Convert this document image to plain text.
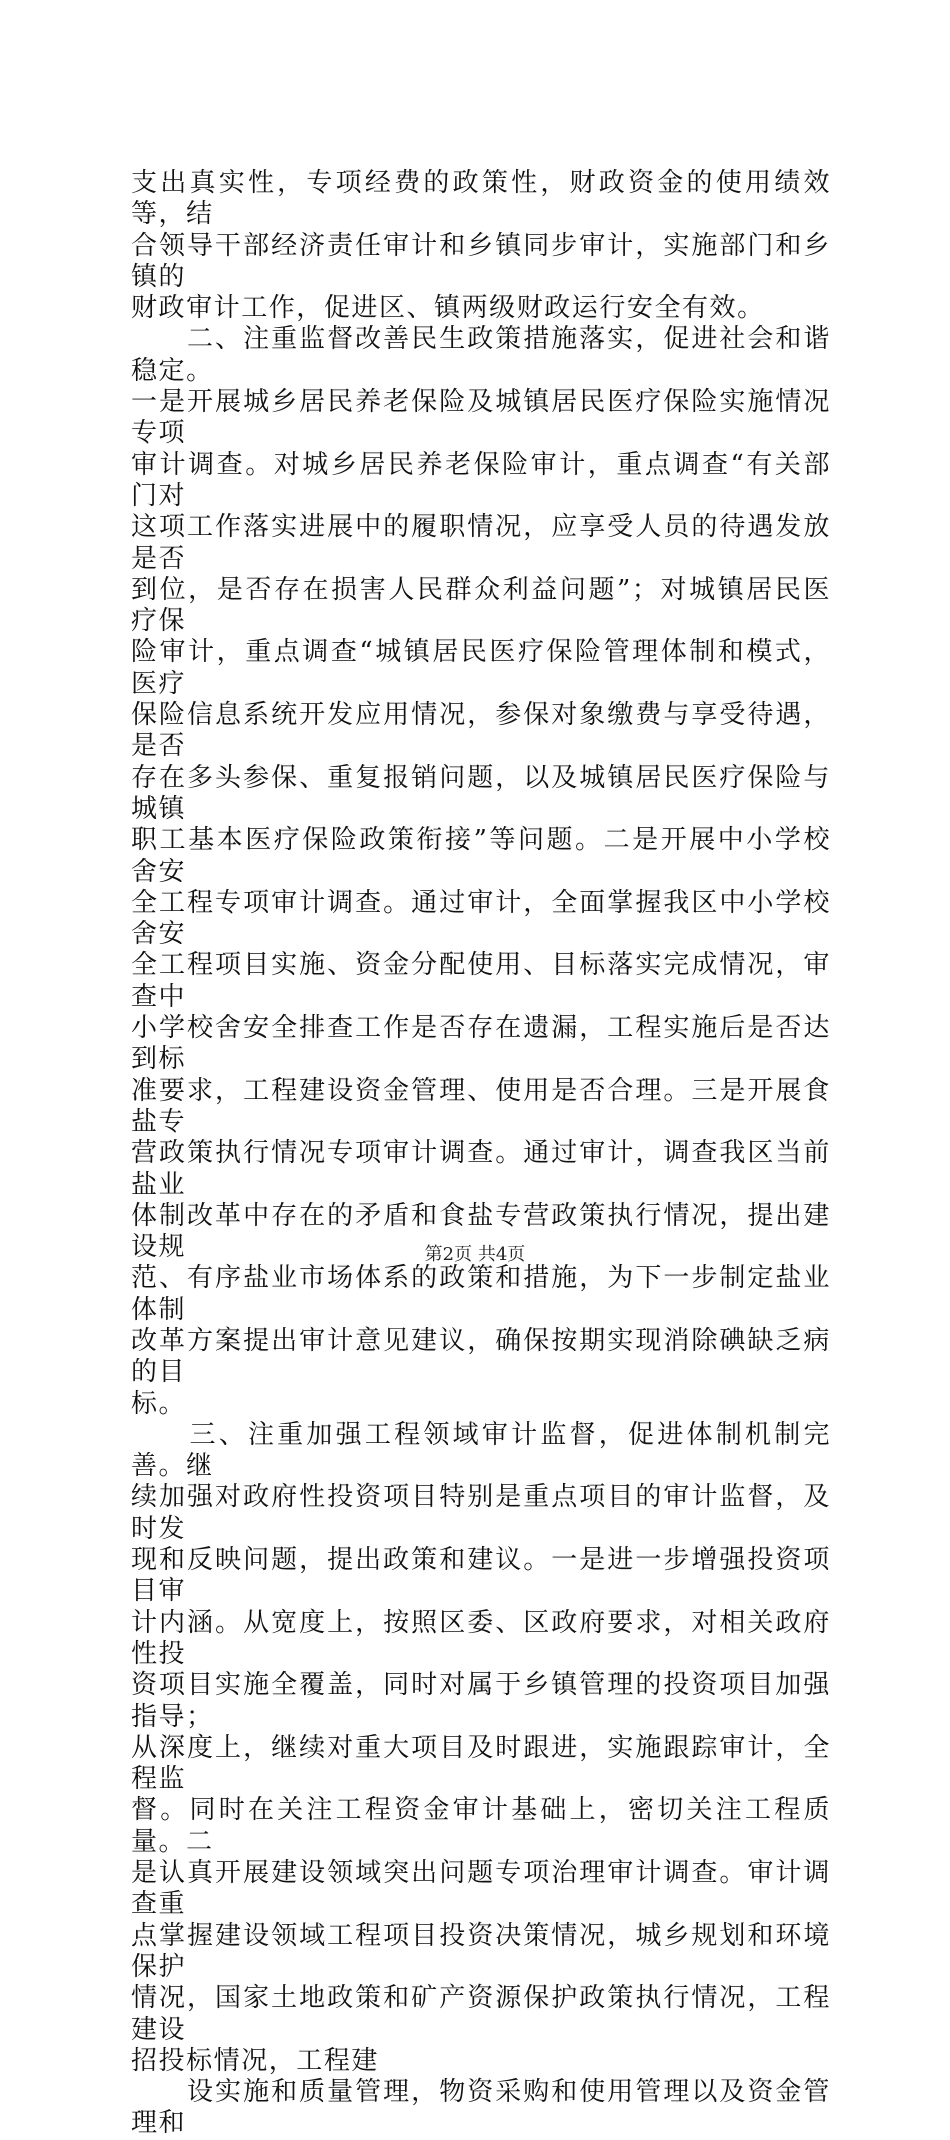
支出真实性，专项经费的政策性，财政资金的使用绩效等，结

合领导干部经济责任审计和乡镇同步审计，实施部门和乡镇的

财政审计工作，促进区、镇两级财政运行安全有效。

　　二、注重监督改善民生政策措施落实，促进社会和谐稳定。

一是开展城乡居民养老保险及城镇居民医疗保险实施情况专项

审计调查。对城乡居民养老保险审计，重点调查“有关部门对

这项工作落实进展中的履职情况，应享受人员的待遇发放是否

到位，是否存在损害人民群众利益问题”；对城镇居民医疗保

险审计，重点调查“城镇居民医疗保险管理体制和模式，医疗

保险信息系统开发应用情况，参保对象缴费与享受待遇，是否

存在多头参保、重复报销问题，以及城镇居民医疗保险与城镇

职工基本医疗保险政策衔接”等问题。二是开展中小学校舍安

全工程专项审计调查。通过审计，全面掌握我区中小学校舍安

全工程项目实施、资金分配使用、目标落实完成情况，审查中

小学校舍安全排查工作是否存在遗漏，工程实施后是否达到标

准要求，工程建设资金管理、使用是否合理。三是开展食盐专

营政策执行情况专项审计调查。通过审计，调查我区当前盐业

体制改革中存在的矛盾和食盐专营政策执行情况，提出建设规

范、有序盐业市场体系的政策和措施，为下一步制定盐业体制

改革方案提出审计意见建议，确保按期实现消除碘缺乏病的目

标。

　　三、注重加强工程领域审计监督，促进体制机制完善。继

续加强对政府性投资项目特别是重点项目的审计监督，及时发

现和反映问题，提出政策和建议。一是进一步增强投资项目审

计内涵。从宽度上，按照区委、区政府要求，对相关政府性投

资项目实施全覆盖，同时对属于乡镇管理的投资项目加强指导；

从深度上，继续对重大项目及时跟进，实施跟踪审计，全程监

督。同时在关注工程资金审计基础上，密切关注工程质量。二

是认真开展建设领域突出问题专项治理审计调查。审计调查重

点掌握建设领域工程项目投资决策情况，城乡规划和环境保护

情况，国家土地政策和矿产资源保护政策执行情况，工程建设

招投标情况，工程建

　　设实施和质量管理，物资采购和使用管理以及资金管理和

第2页 共4页
